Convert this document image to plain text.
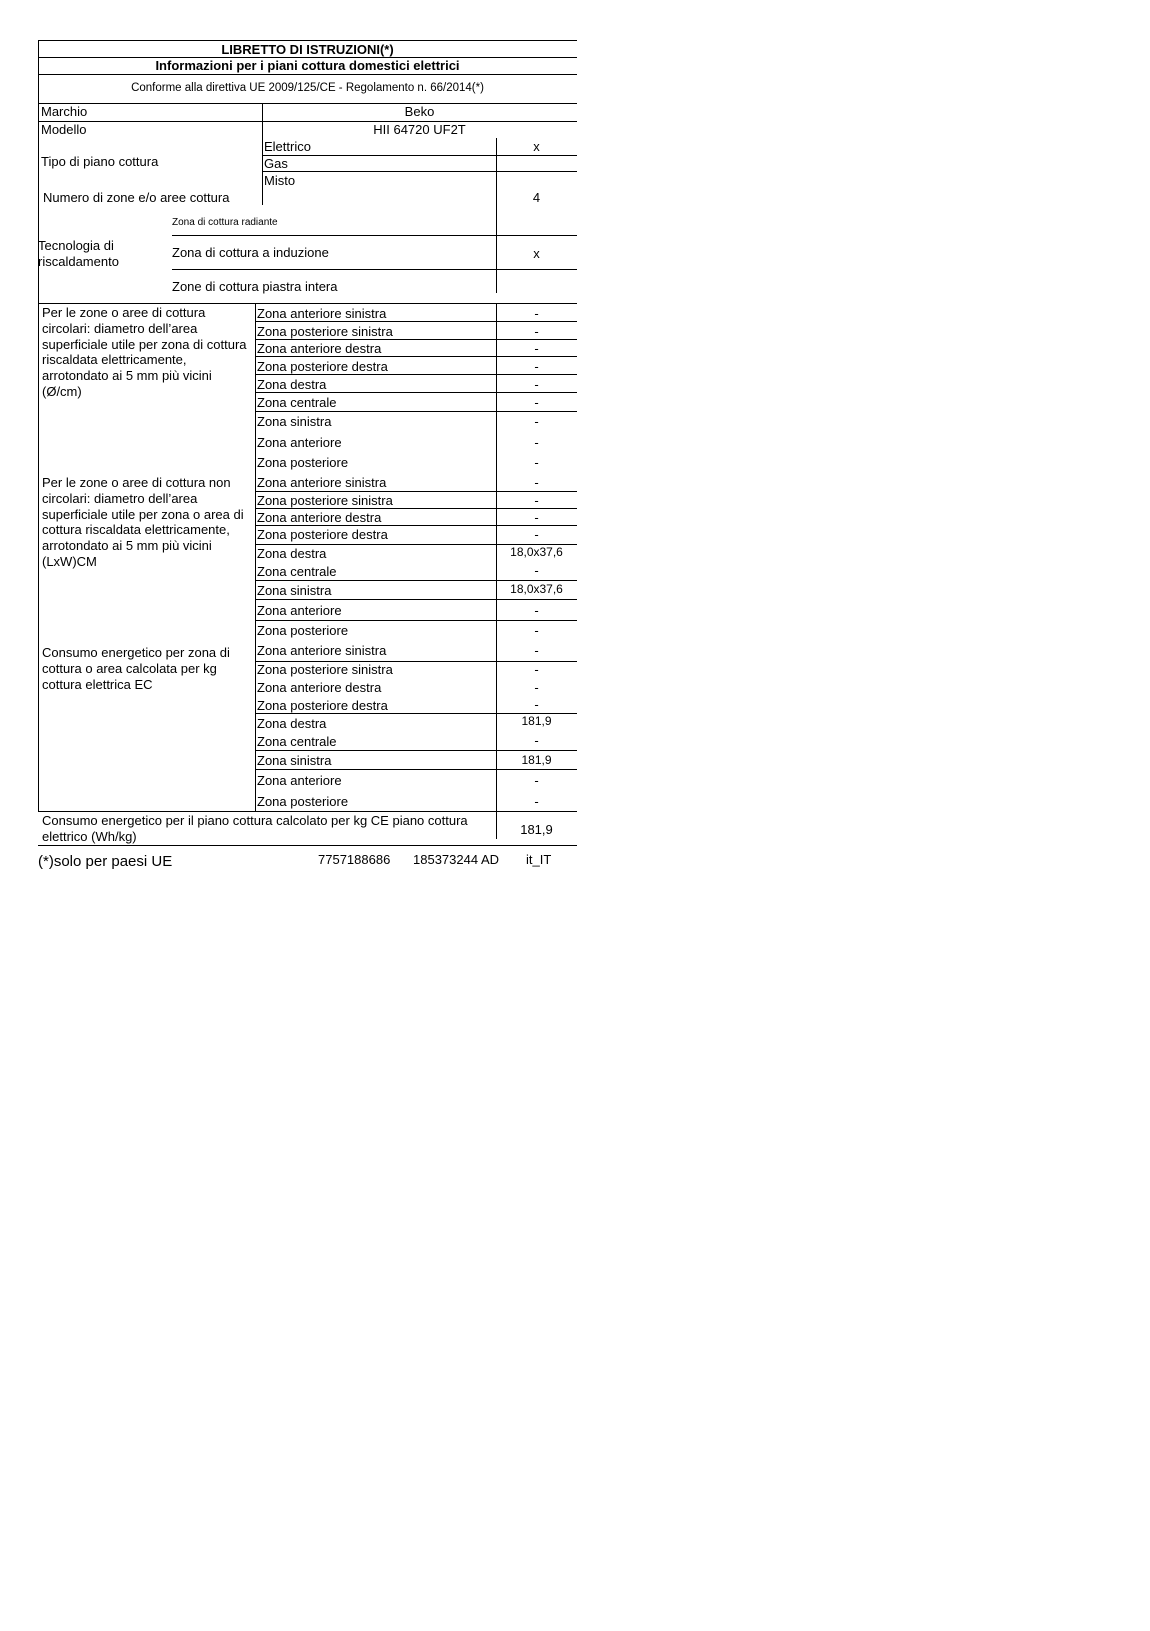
LIBRETTO DI ISTRUZIONI(*)
Informazioni per i piani cottura domestici elettrici
Conforme alla direttiva UE 2009/125/CE - Regolamento n. 66/2014(*)
Marchio	Beko
Modello	HII 64720 UF2T
Tipo di piano cottura
Elettrico	x
Gas
Misto
Numero di zone e/o aree cottura	4
Zona di cottura radiante
Tecnologia di riscaldamento
Zona di cottura a induzione	x
Zone di cottura piastra intera
Per le zone o aree di cottura circolari: diametro dell’area superficiale utile per zona di cottura riscaldata elettricamente, arrotondato ai 5 mm più vicini (Ø/cm)
Zona anteriore sinistra	-
Zona posteriore sinistra	-
Zona anteriore destra	-
Zona posteriore destra	-
Zona destra	-
Zona centrale	-
Zona sinistra	-
Zona anteriore	-
Zona posteriore	-
Per le zone o aree di cottura non circolari: diametro dell’area superficiale utile per zona o area di cottura riscaldata elettricamente, arrotondato ai 5 mm più vicini (LxW)CM
Zona anteriore sinistra	-
Zona posteriore sinistra	-
Zona anteriore destra	-
Zona posteriore destra	-
Zona destra	18,0x37,6
Zona centrale	-
Zona sinistra	18,0x37,6
Zona anteriore	-
Zona posteriore	-
Consumo energetico per zona di cottura o area calcolata per kg cottura elettrica EC
Zona anteriore sinistra	-
Zona posteriore sinistra	-
Zona anteriore destra	-
Zona posteriore destra	-
Zona destra	181,9
Zona centrale	-
Zona sinistra	181,9
Zona anteriore	-
Zona posteriore	-
Consumo energetico per il piano cottura calcolato per kg CE piano cottura elettrico (Wh/kg)	181,9
(*)solo per paesi UE	7757188686 185373244 AD it_IT
